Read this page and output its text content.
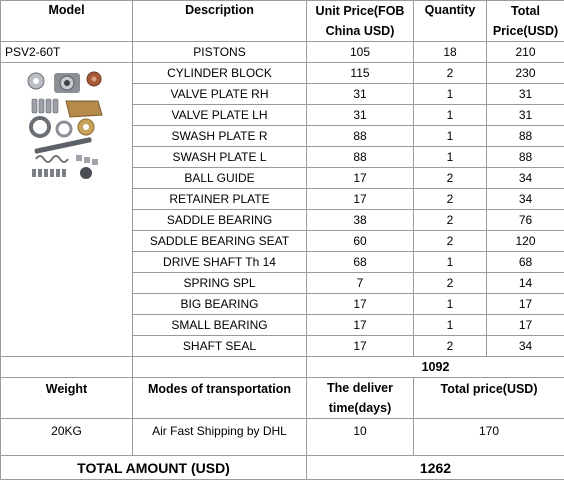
Model	Description	Unit Price(FOB China USD)	Quantity	Total Price(USD)
PSV2-60T	PISTONS	105	18	210

	CYLINDER BLOCK	115	2	230
	VALVE PLATE RH	31	1	31
	VALVE PLATE LH	31	1	31
	SWASH PLATE R	88	1	88
	SWASH PLATE L	88	1	88
	BALL GUIDE	17	2	34
	RETAINER PLATE	17	2	34
	SADDLE BEARING	38	2	76
	SADDLE BEARING SEAT	60	2	120
	DRIVE SHAFT Th 14	68	1	68
	SPRING SPL	7	2	14
	BIG BEARING	17	1	17
	SMALL BEARING	17	1	17
	SHAFT SEAL	17	2	34
		1092		
Weight	Modes of transportation	The deliver time(days)	Total price(USD)	
20KG	Air Fast Shipping by DHL	10	170	
TOTAL AMOUNT (USD)		1262		
